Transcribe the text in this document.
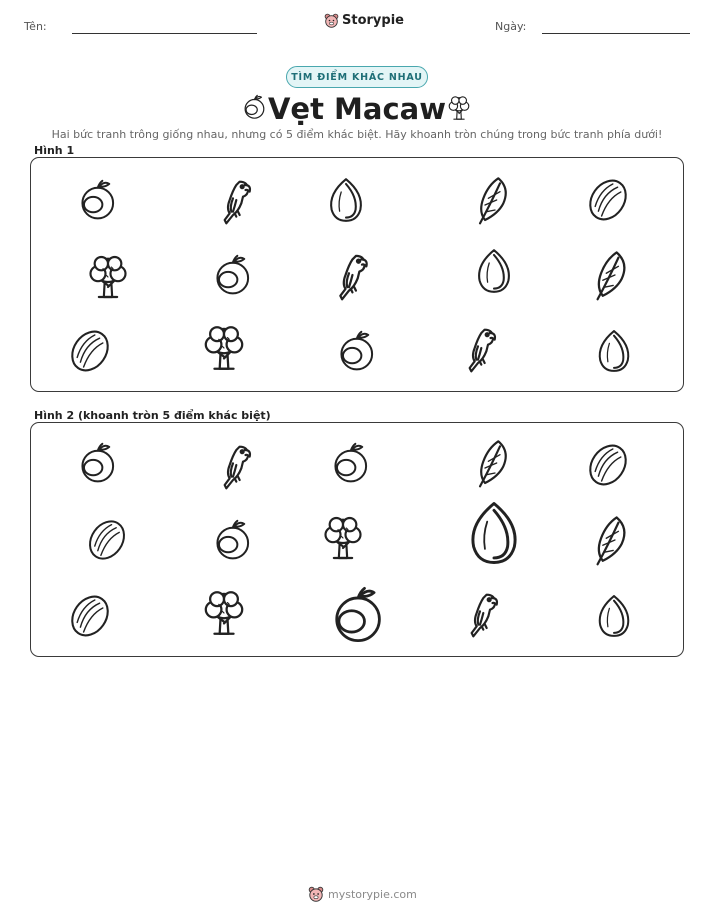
Tên:	Storypie	Ngày:
TÌM ĐIỂM KHÁC NHAU
Vẹt Macaw
Hai bức tranh trông giống nhau, nhưng có 5 điểm khác biệt. Hãy khoanh tròn chúng trong bức tranh phía dưới!
Hình 1
Hình 2 (khoanh tròn 5 điểm khác biệt)
mystorypie.com
